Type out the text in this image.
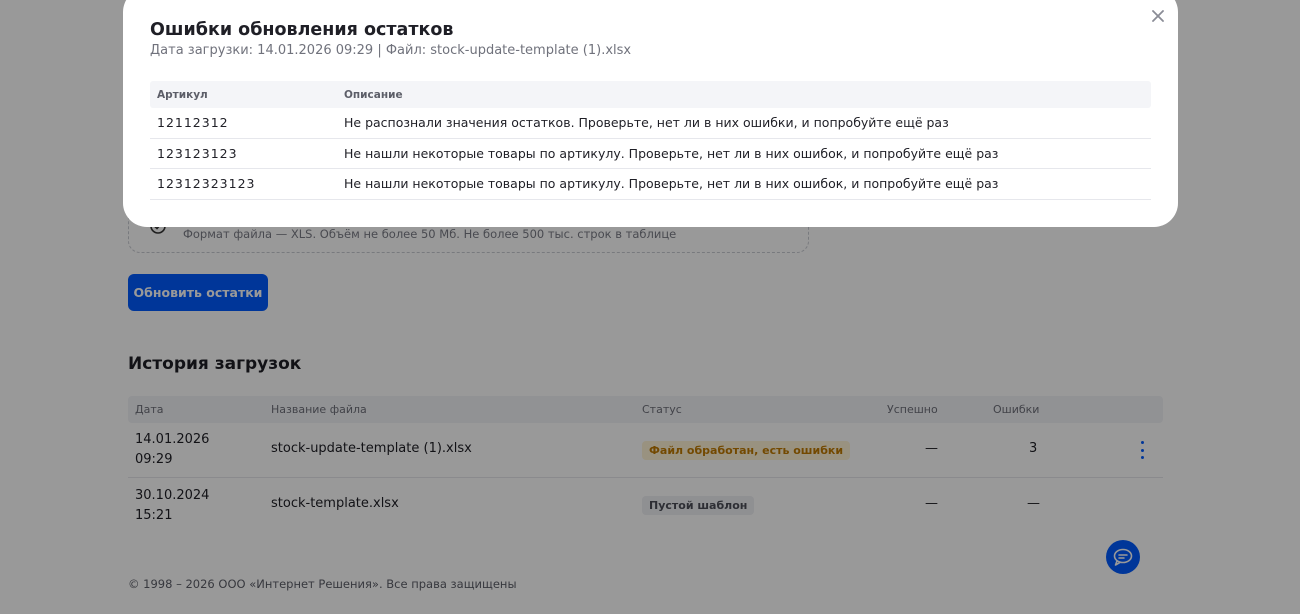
Формат файла — XLS. Объём не более 50 Мб. Не более 500 тыс. строк в таблице
Обновить остатки
История загрузок
Дата	Название файла	Статус	Успешно	Ошибки
14.01.2026
09:29
stock-update-template (1).xlsx	Файл обработан, есть ошибки	—	3
30.10.2024
15:21
stock-template.xlsx	Пустой шаблон	—	—
© 1998 – 2026 ООО «Интернет Решения». Все права защищены
Ошибки обновления остатков
Дата загрузки: 14.01.2026 09:29 | Файл: stock-update-template (1).xlsx
Артикул	Описание
12112312	Не распознали значения остатков. Проверьте, нет ли в них ошибки, и попробуйте ещё раз
123123123	Не нашли некоторые товары по артикулу. Проверьте, нет ли в них ошибок, и попробуйте ещё раз
12312323123	Не нашли некоторые товары по артикулу. Проверьте, нет ли в них ошибок, и попробуйте ещё раз
